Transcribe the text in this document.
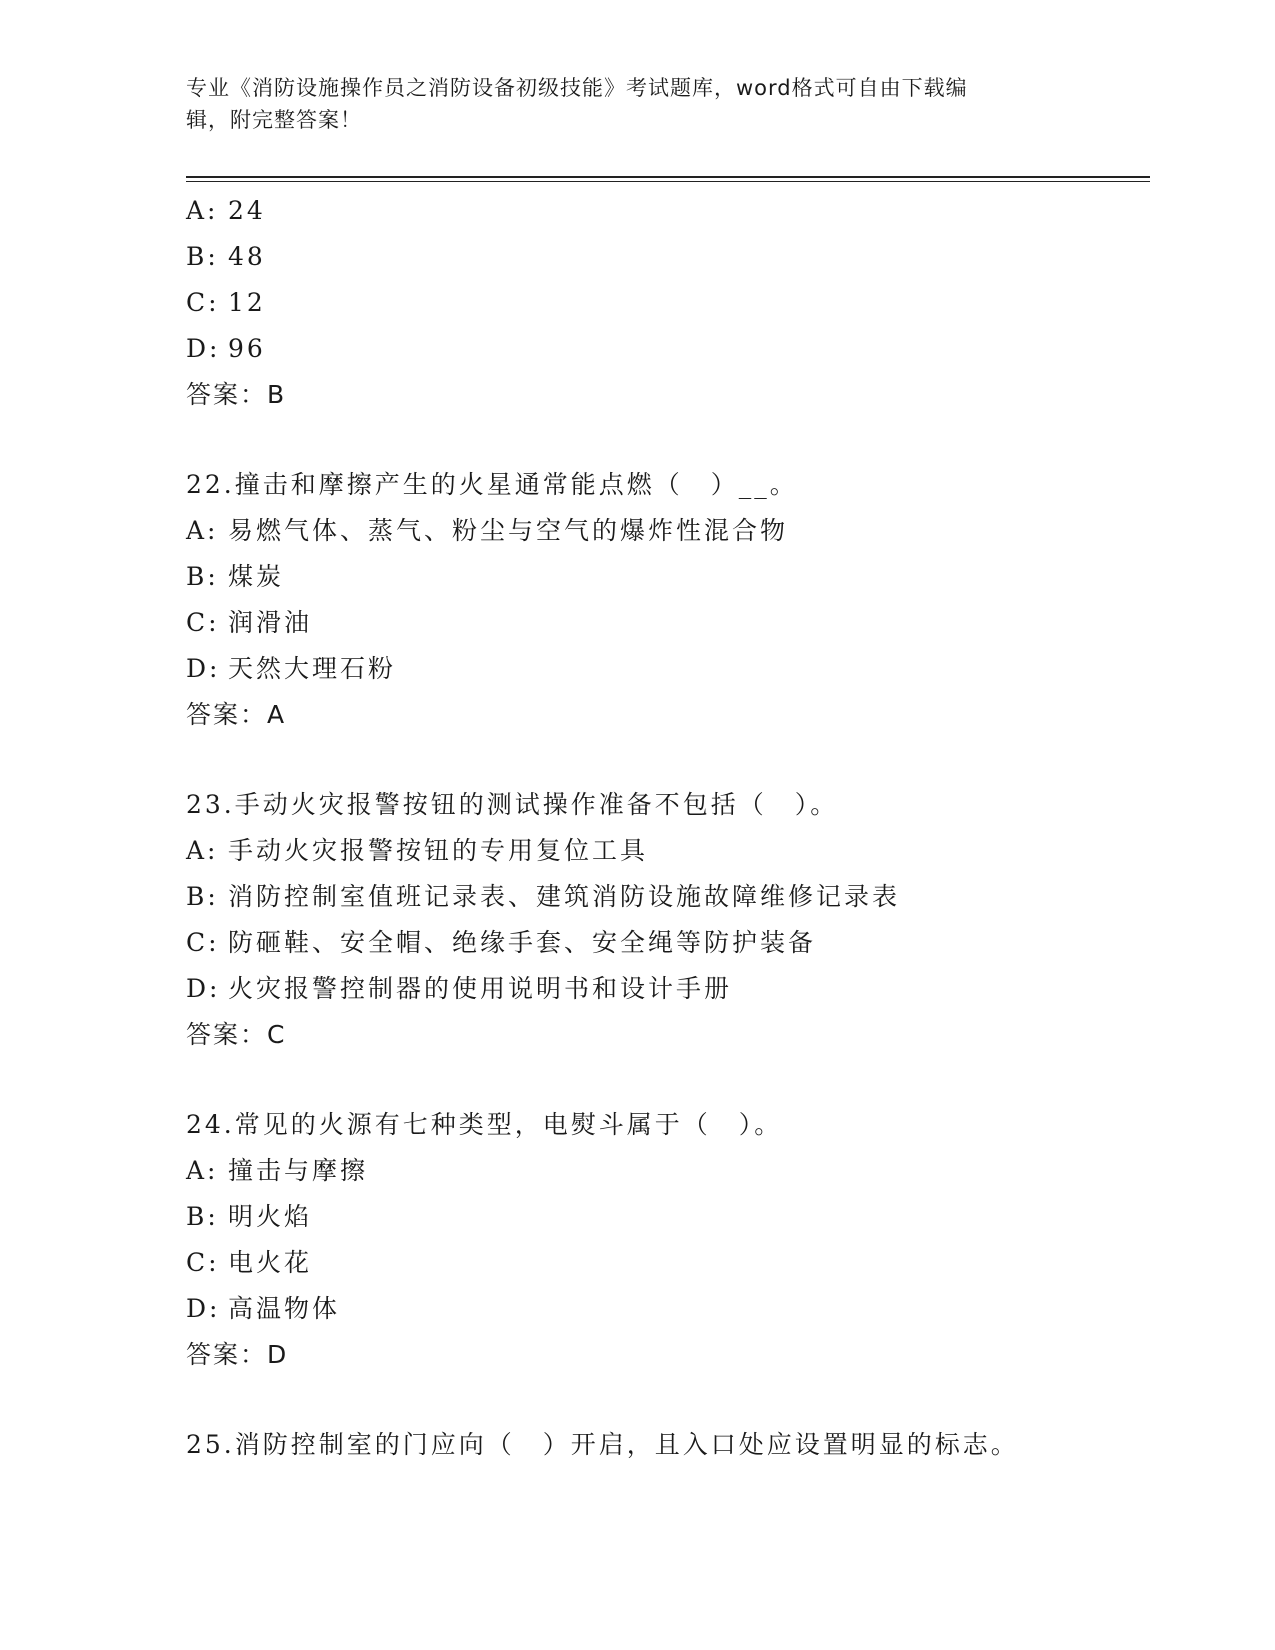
专业《消防设施操作员之消防设备初级技能》考试题库，word格式可自由下载编
辑，附完整答案！
A: 24
B: 48
C: 12
D: 96
答案：B
22.撞击和摩擦产生的火星通常能点燃（　）__。
A: 易燃气体、蒸气、粉尘与空气的爆炸性混合物
B: 煤炭
C: 润滑油
D: 天然大理石粉
答案：A
23.手动火灾报警按钮的测试操作准备不包括（　）。
A: 手动火灾报警按钮的专用复位工具
B: 消防控制室值班记录表、建筑消防设施故障维修记录表
C: 防砸鞋、安全帽、绝缘手套、安全绳等防护装备
D: 火灾报警控制器的使用说明书和设计手册
答案：C
24.常见的火源有七种类型，电熨斗属于（　）。
A: 撞击与摩擦
B: 明火焰
C: 电火花
D: 高温物体
答案：D
25.消防控制室的门应向（　）开启，且入口处应设置明显的标志。
